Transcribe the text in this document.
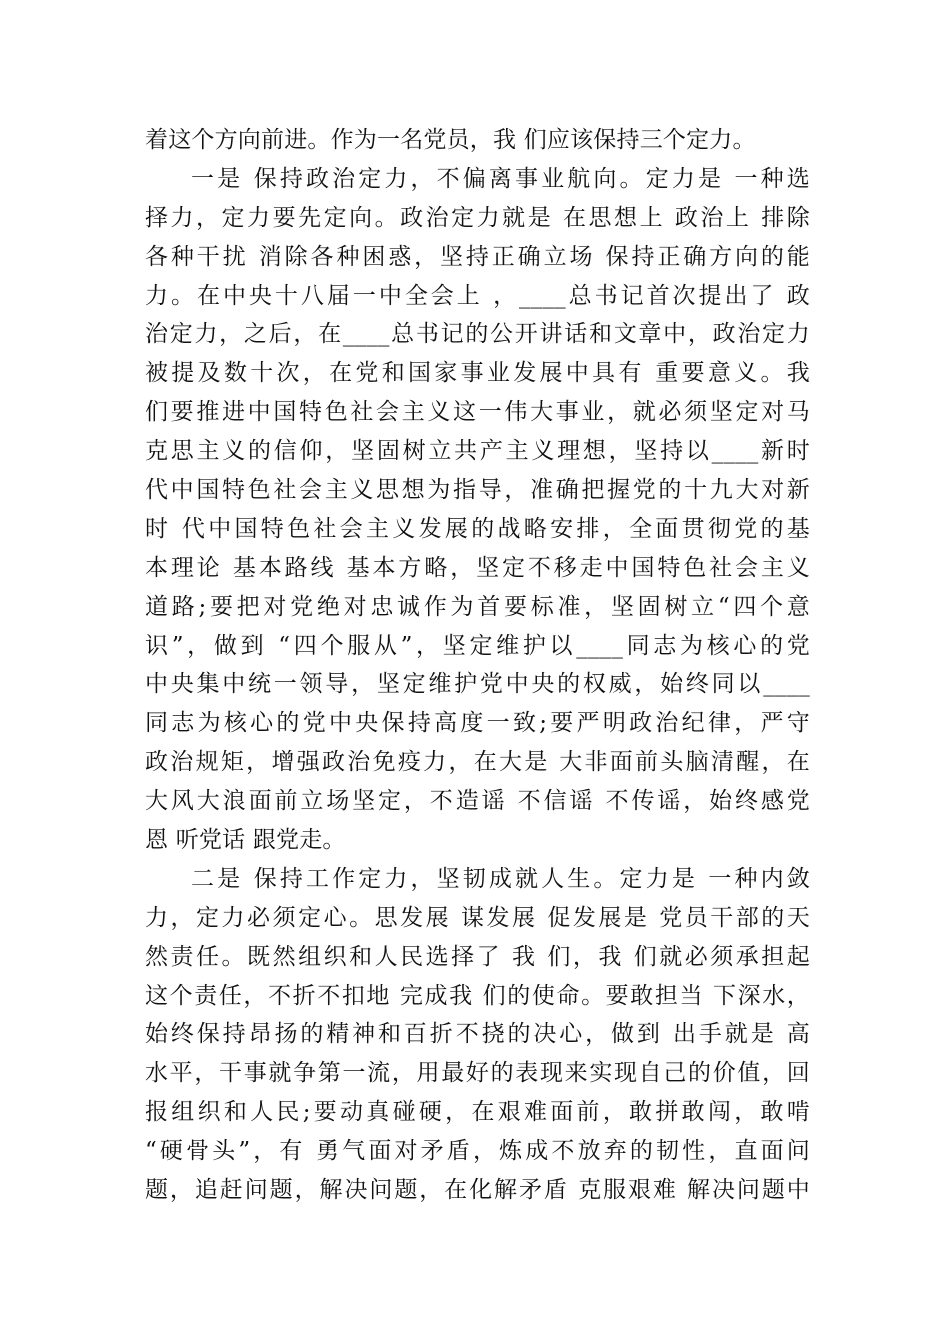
着这个方向前进。作为一名党员，我 们应该保持三个定力。
一是 保持政治定力，不偏离事业航向。定力是 一种选
择力，定力要先定向。政治定力就是 在思想上 政治上 排除
各种干扰 消除各种困惑，坚持正确立场 保持正确方向的能
力。在中央十八届一中全会上 ，____总书记首次提出了 政
治定力，之后，在____总书记的公开讲话和文章中，政治定力
被提及数十次，在党和国家事业发展中具有 重要意义。我
们要推进中国特色社会主义这一伟大事业，就必须坚定对马
克思主义的信仰，坚固树立共产主义理想，坚持以____新时
代中国特色社会主义思想为指导，准确把握党的十九大对新
时 代中国特色社会主义发展的战略安排，全面贯彻党的基
本理论 基本路线 基本方略，坚定不移走中国特色社会主义
道路;要把对党绝对忠诚作为首要标准，坚固树立“四个意
识”，做到 “四个服从”，坚定维护以____同志为核心的党
中央集中统一领导，坚定维护党中央的权威，始终同以____
同志为核心的党中央保持高度一致;要严明政治纪律，严守
政治规矩，增强政治免疫力，在大是 大非面前头脑清醒，在
大风大浪面前立场坚定，不造谣 不信谣 不传谣，始终感党
恩 听党话 跟党走。
二是 保持工作定力，坚韧成就人生。定力是 一种内敛
力，定力必须定心。思发展 谋发展 促发展是 党员干部的天
然责任。既然组织和人民选择了 我 们，我 们就必须承担起
这个责任，不折不扣地 完成我 们的使命。要敢担当 下深水，
始终保持昂扬的精神和百折不挠的决心，做到 出手就是 高
水平，干事就争第一流，用最好的表现来实现自己的价值，回
报组织和人民;要动真碰硬，在艰难面前，敢拼敢闯，敢啃
“硬骨头”，有 勇气面对矛盾，炼成不放弃的韧性，直面问
题，追赶问题，解决问题，在化解矛盾 克服艰难 解决问题中
